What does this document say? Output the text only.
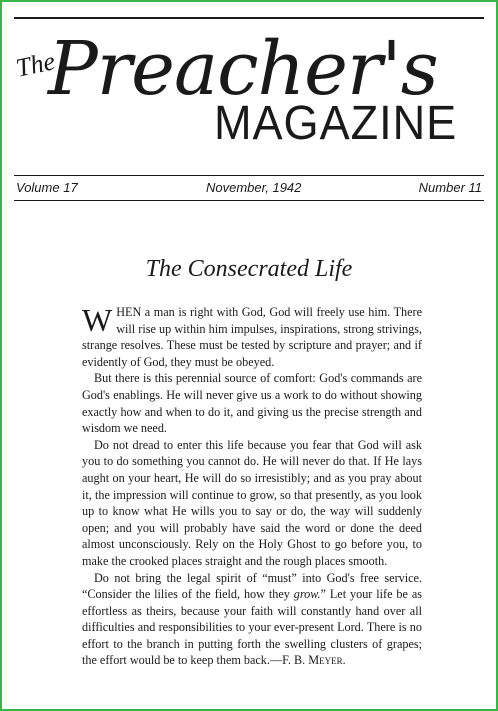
The
Preacher's
MAGAZINE
Volume 17	November, 1942	Number 11
The Consecrated Life

WHEN a man is right with God, God will freely use him. There will rise up within him impulses, inspirations, strong strivings, strange resolves. These must be tested by scripture and prayer; and if evidently of God, they must be obeyed.

But there is this perennial source of comfort: God's commands are God's enablings. He will never give us a work to do without showing exactly how and when to do it, and giving us the precise strength and wisdom we need.

Do not dread to enter this life because you fear that God will ask you to do something you cannot do. He will never do that. If He lays aught on your heart, He will do so irresistibly; and as you pray about it, the impression will continue to grow, so that presently, as you look up to know what He wills you to say or do, the way will suddenly open; and you will probably have said the word or done the deed almost unconsciously. Rely on the Holy Ghost to go before you, to make the crooked places straight and the rough places smooth.

Do not bring the legal spirit of “must” into God's free service. “Consider the lilies of the field, how they grow.” Let your life be as effortless as theirs, because your faith will constantly hand over all difficulties and responsibilities to your ever-present Lord. There is no effort to the branch in putting forth the swelling clusters of grapes; the effort would be to keep them back.—F. B. Meyer.
